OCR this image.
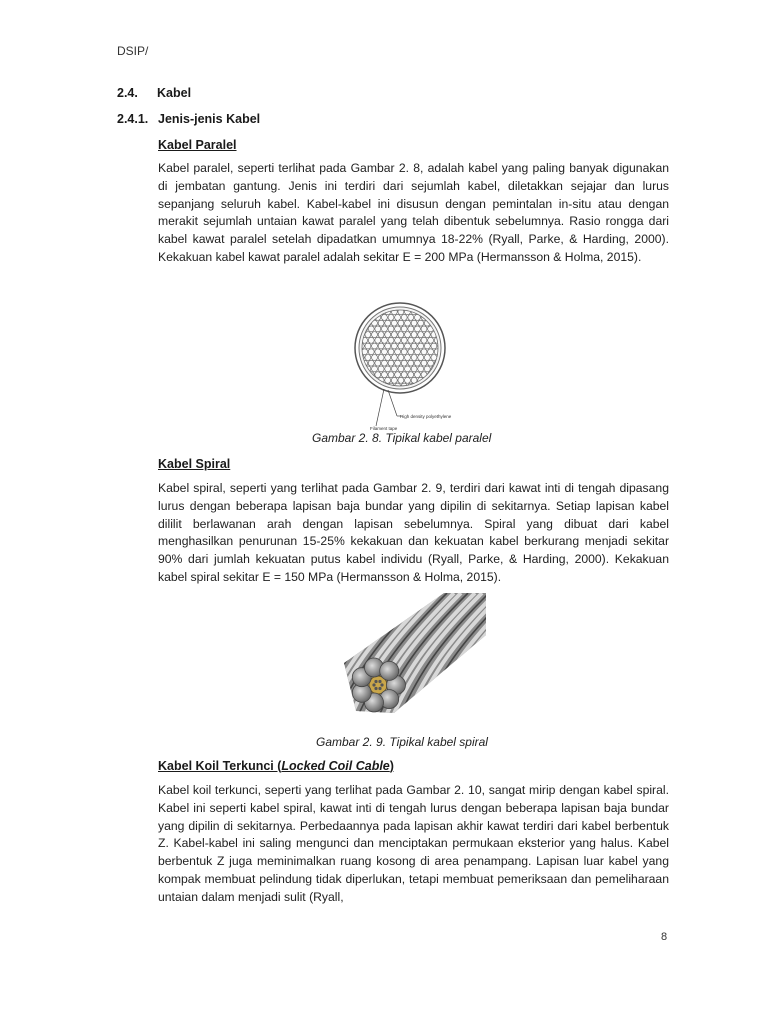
DSIP/
2.4. Kabel
2.4.1. Jenis-jenis Kabel
Kabel Paralel
Kabel paralel, seperti terlihat pada Gambar 2. 8, adalah kabel yang paling banyak digunakan di jembatan gantung. Jenis ini terdiri dari sejumlah kabel, diletakkan sejajar dan lurus sepanjang seluruh kabel. Kabel-kabel ini disusun dengan pemintalan in-situ atau dengan merakit sejumlah untaian kawat paralel yang telah dibentuk sebelumnya. Rasio rongga dari kabel kawat paralel setelah dipadatkan umumnya 18-22% (Ryall, Parke, & Harding, 2000). Kekakuan kabel kawat paralel adalah sekitar E = 200 MPa (Hermansson & Holma, 2015).
High density polyethylene
Filament tape
Gambar 2. 8. Tipikal kabel paralel
Kabel Spiral
Kabel spiral, seperti yang terlihat pada Gambar 2. 9, terdiri dari kawat inti di tengah dipasang lurus dengan beberapa lapisan baja bundar yang dipilin di sekitarnya. Setiap lapisan kabel dililit berlawanan arah dengan lapisan sebelumnya. Spiral yang dibuat dari kabel menghasilkan penurunan 15-25% kekakuan dan kekuatan kabel berkurang menjadi sekitar 90% dari jumlah kekuatan putus kabel individu (Ryall, Parke, & Harding, 2000). Kekakuan kabel spiral sekitar E = 150 MPa (Hermansson & Holma, 2015).
Gambar 2. 9. Tipikal kabel spiral
Kabel Koil Terkunci (Locked Coil Cable)
Kabel koil terkunci, seperti yang terlihat pada Gambar 2. 10, sangat mirip dengan kabel spiral. Kabel ini seperti kabel spiral, kawat inti di tengah lurus dengan beberapa lapisan baja bundar yang dipilin di sekitarnya. Perbedaannya pada lapisan akhir kawat terdiri dari kabel berbentuk Z. Kabel-kabel ini saling mengunci dan menciptakan permukaan eksterior yang halus. Kabel berbentuk Z juga meminimalkan ruang kosong di area penampang. Lapisan luar kabel yang kompak membuat pelindung tidak diperlukan, tetapi membuat pemeriksaan dan pemeliharaan untaian dalam menjadi sulit (Ryall,
8
